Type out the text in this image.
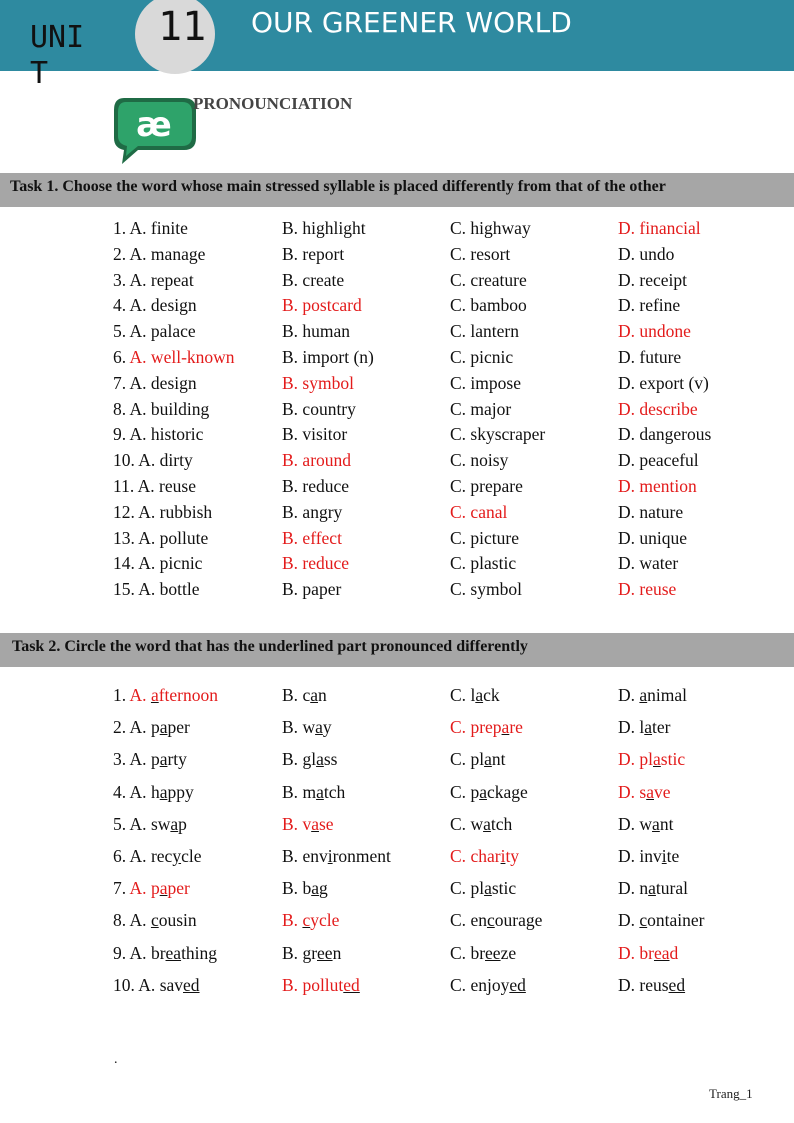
UNIT
11 OUR GREENER WORLD
æ
PRONOUNCIATION
Task 1. Choose the word whose main stressed syllable is placed differently from that of the other
1. A. finite	B. highlight	C. highway	D. financial
2. A. manage	B. report	C. resort	D. undo
3. A. repeat	B. create	C. creature	D. receipt
4. A. design	B. postcard	C. bamboo	D. refine
5. A. palace	B. human	C. lantern	D. undone
6. A. well-known	B. import (n)	C. picnic	D. future
7. A. design	B. symbol	C. impose	D. export (v)
8. A. building	B. country	C. major	D. describe
9. A. historic	B. visitor	C. skyscraper	D. dangerous
10. A. dirty	B. around	C. noisy	D. peaceful
11. A. reuse	B. reduce	C. prepare	D. mention
12. A. rubbish	B. angry	C. canal	D. nature
13. A. pollute	B. effect	C. picture	D. unique
14. A. picnic	B. reduce	C. plastic	D. water
15. A. bottle	B. paper	C. symbol	D. reuse
Task 2. Circle the word that has the underlined part pronounced differently
1. A. afternoon	B. can	C. lack	D. animal
2. A. paper	B. way	C. prepare	D. later
3. A. party	B. glass	C. plant	D. plastic
4. A. happy	B. match	C. package	D. save
5. A. swap	B. vase	C. watch	D. want
6. A. recycle	B. environment	C. charity	D. invite
7. A. paper	B. bag	C. plastic	D. natural
8. A. cousin	B. cycle	C. encourage	D. container
9. A. breathing	B. green	C. breeze	D. bread
10. A. saved	B. polluted	C. enjoyed	D. reused
.
Trang_1
